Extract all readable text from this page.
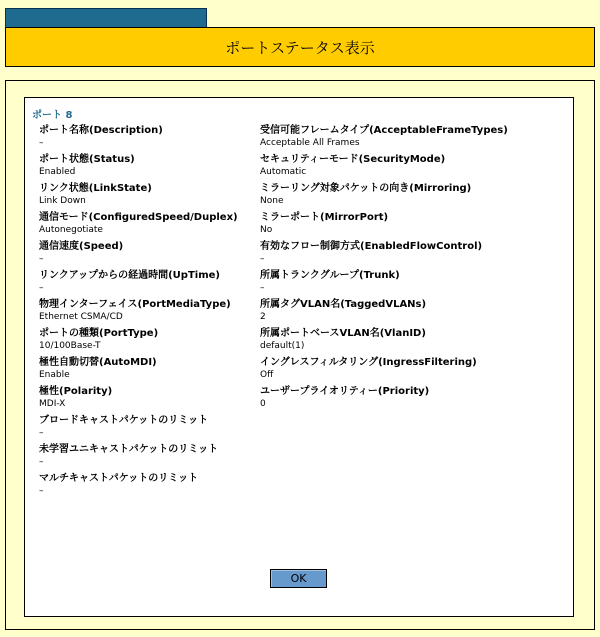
ポートステータス表示
ポート 8
ポート名称(Description)
–
ポート状態(Status)
Enabled
リンク状態(LinkState)
Link Down
通信モード(ConfiguredSpeed/Duplex)
Autonegotiate
通信速度(Speed)
–
リンクアップからの経過時間(UpTime)
–
物理インターフェイス(PortMediaType)
Ethernet CSMA/CD
ポートの種類(PortType)
10/100Base-T
極性自動切替(AutoMDI)
Enable
極性(Polarity)
MDI-X
ブロードキャストパケットのリミット
–
未学習ユニキャストパケットのリミット
–
マルチキャストパケットのリミット
–
受信可能フレームタイプ(AcceptableFrameTypes)
Acceptable All Frames
セキュリティーモード(SecurityMode)
Automatic
ミラーリング対象パケットの向き(Mirroring)
None
ミラーポート(MirrorPort)
No
有効なフロー制御方式(EnabledFlowControl)
–
所属トランクグループ(Trunk)
–
所属タグVLAN名(TaggedVLANs)
2
所属ポートベースVLAN名(VlanID)
default(1)
イングレスフィルタリング(IngressFiltering)
Off
ユーザープライオリティー(Priority)
0
OK
